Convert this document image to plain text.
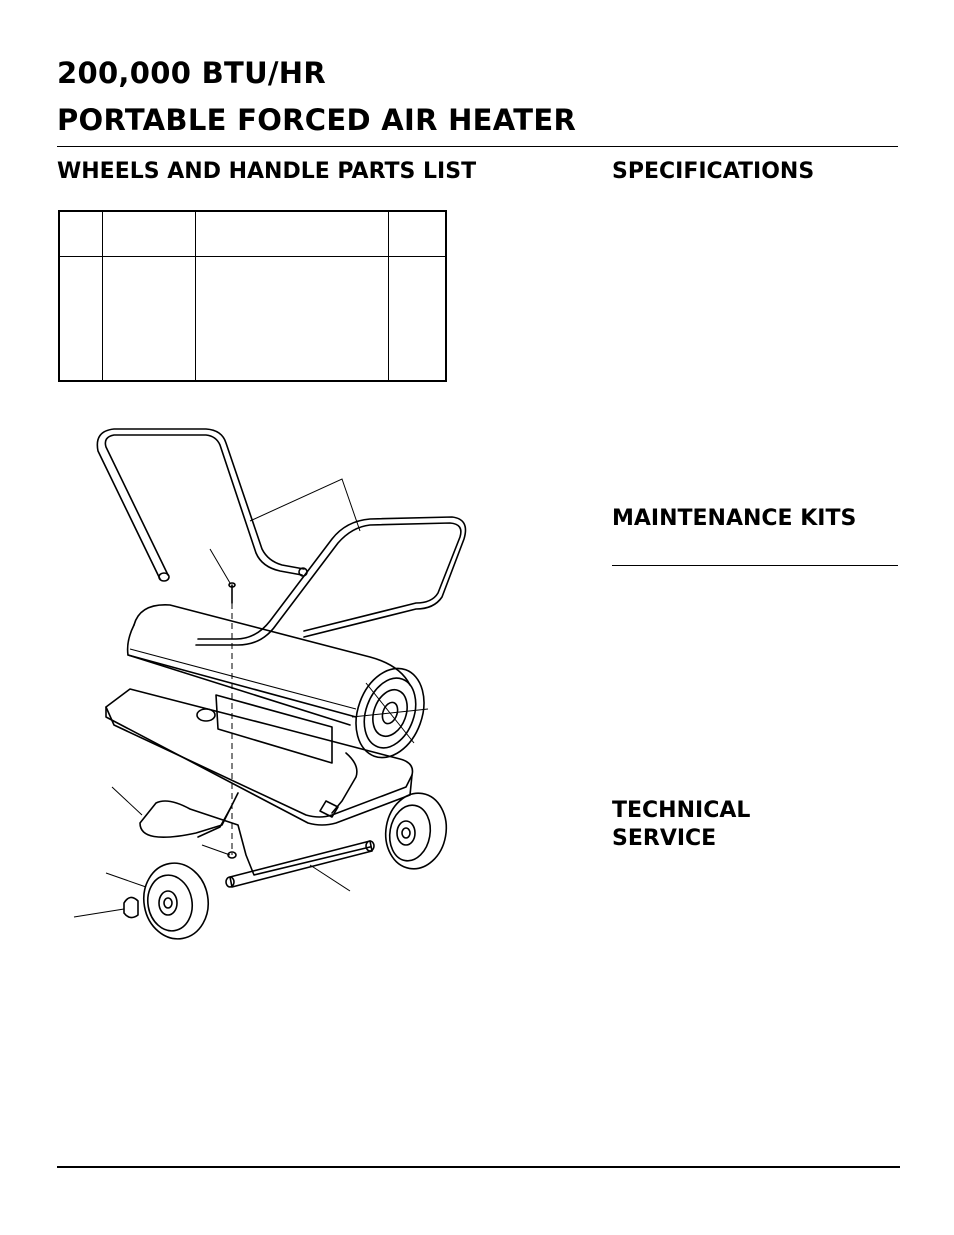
200,000 BTU/HR
PORTABLE FORCED AIR HEATER
WHEELS AND HANDLE PARTS LIST

				SPECIFICATIONS
MAINTENANCE KITS
TECHNICAL
SERVICE
